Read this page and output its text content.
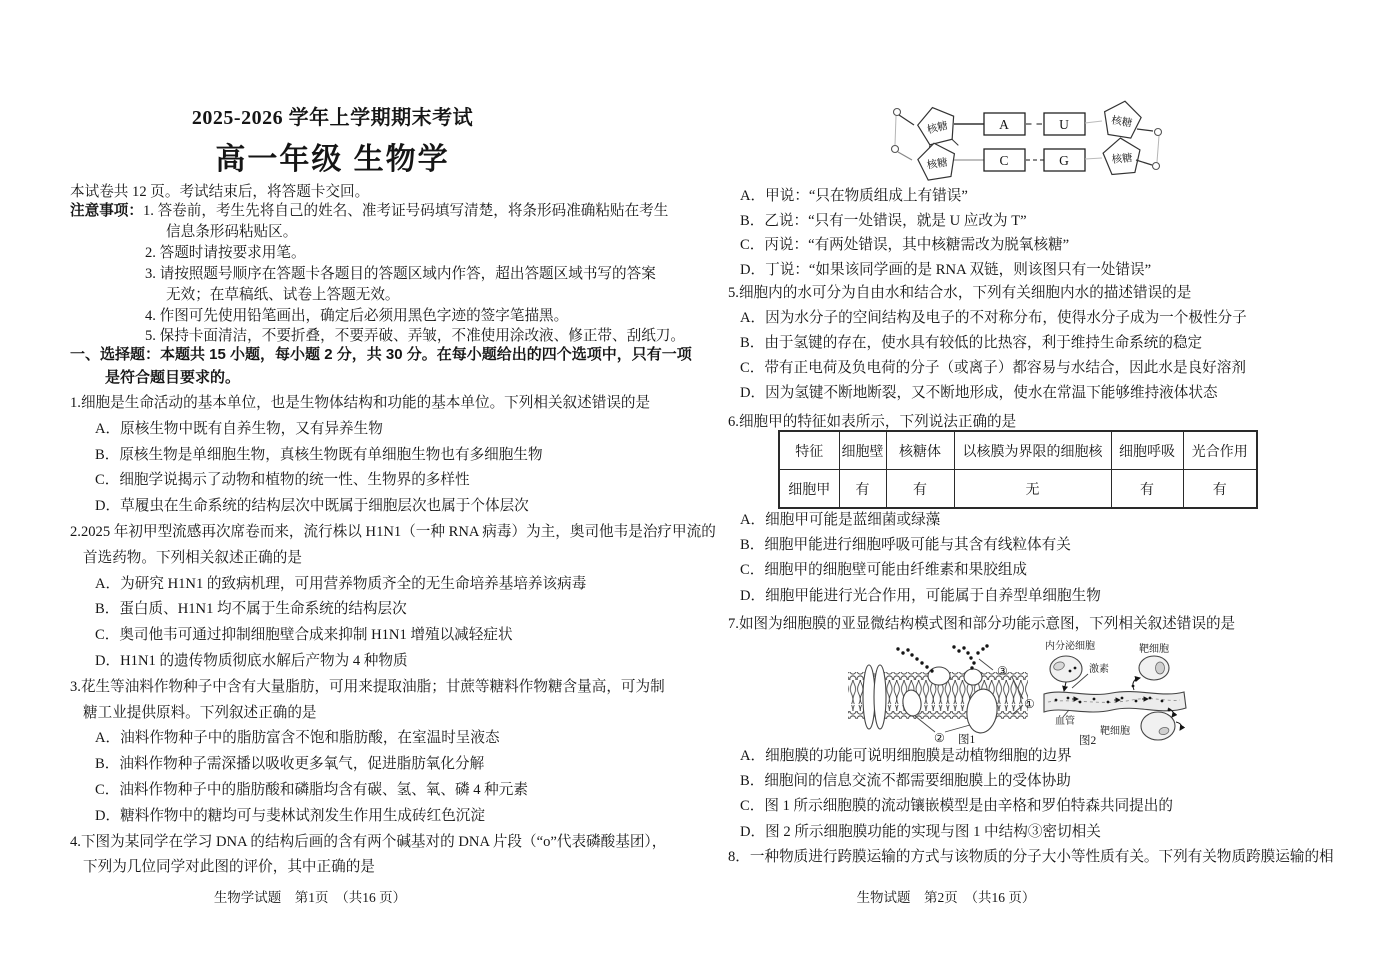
2025-2026 学年上学期期末考试
高一年级 生物学
本试卷共 12 页。考试结束后，将答题卡交回。
注意事项：1. 答卷前，考生先将自己的姓名、准考证号码填写清楚，将条形码准确粘贴在考生
信息条形码粘贴区。
2. 答题时请按要求用笔。
3. 请按照题号顺序在答题卡各题目的答题区域内作答，超出答题区域书写的答案
无效；在草稿纸、试卷上答题无效。
4. 作图可先使用铅笔画出，确定后必须用黑色字迹的签字笔描黑。
5. 保持卡面清洁，不要折叠，不要弄破、弄皱，不准使用涂改液、修正带、刮纸刀。
一、选择题：本题共 15 小题，每小题 2 分，共 30 分。在每小题给出的四个选项中，只有一项
是符合题目要求的。
1.细胞是生命活动的基本单位，也是生物体结构和功能的基本单位。下列相关叙述错误的是
A．原核生物中既有自养生物，又有异养生物
B．原核生物是单细胞生物，真核生物既有单细胞生物也有多细胞生物
C．细胞学说揭示了动物和植物的统一性、生物界的多样性
D．草履虫在生命系统的结构层次中既属于细胞层次也属于个体层次
2.2025 年初甲型流感再次席卷而来，流行株以 H1N1（一种 RNA 病毒）为主，奥司他韦是治疗甲流的
首选药物。下列相关叙述正确的是
A．为研究 H1N1 的致病机理，可用营养物质齐全的无生命培养基培养该病毒
B．蛋白质、H1N1 均不属于生命系统的结构层次
C．奥司他韦可通过抑制细胞壁合成来抑制 H1N1 增殖以减轻症状
D．H1N1 的遗传物质彻底水解后产物为 4 种物质
3.花生等油料作物种子中含有大量脂肪，可用来提取油脂；甘蔗等糖料作物糖含量高，可为制
糖工业提供原料。下列叙述正确的是
A．油料作物种子中的脂肪富含不饱和脂肪酸，在室温时呈液态
B．油料作物种子需深播以吸收更多氧气，促进脂肪氧化分解
C．油料作物种子中的脂肪酸和磷脂均含有碳、氢、氧、磷 4 种元素
D．糖料作物中的糖均可与斐林试剂发生作用生成砖红色沉淀
4.下图为某同学在学习 DNA 的结构后画的含有两个碱基对的 DNA 片段（“o”代表磷酸基团），
下列为几位同学对此图的评价，其中正确的是
生物学试题　第1页　（共16 页）
核糖
核糖
A	U
C	G
核糖
核糖
A．甲说：“只在物质组成上有错误”
B．乙说：“只有一处错误，就是 U 应改为 T”
C．丙说：“有两处错误，其中核糖需改为脱氧核糖”
D．丁说：“如果该同学画的是 RNA 双链，则该图只有一处错误”
5.细胞内的水可分为自由水和结合水，下列有关细胞内水的描述错误的是
A．因为水分子的空间结构及电子的不对称分布，使得水分子成为一个极性分子
B．由于氢键的存在，使水具有较低的比热容，利于维持生命系统的稳定
C．带有正电荷及负电荷的分子（或离子）都容易与水结合，因此水是良好溶剂
D．因为氢键不断地断裂，又不断地形成，使水在常温下能够维持液体状态
6.细胞甲的特征如表所示，下列说法正确的是
特征	细胞壁	核糖体	以核膜为界限的细胞核	细胞呼吸	光合作用
细胞甲	有	有	无	有	有
A．细胞甲可能是蓝细菌或绿藻
B．细胞甲能进行细胞呼吸可能与其含有线粒体有关
C．细胞甲的细胞壁可能由纤维素和果胶组成
D．细胞甲能进行光合作用，可能属于自养型单细胞生物
7.如图为细胞膜的亚显微结构模式图和部分功能示意图，下列相关叙述错误的是
③
①
② 图1
内分泌细胞
激素
血管
靶细胞
靶细胞
图2
A．细胞膜的功能可说明细胞膜是动植物细胞的边界
B．细胞间的信息交流不都需要细胞膜上的受体协助
C．图 1 所示细胞膜的流动镶嵌模型是由辛格和罗伯特森共同提出的
D．图 2 所示细胞膜功能的实现与图 1 中结构③密切相关
8．一种物质进行跨膜运输的方式与该物质的分子大小等性质有关。下列有关物质跨膜运输的相
生物试题　第2页　（共16 页）
